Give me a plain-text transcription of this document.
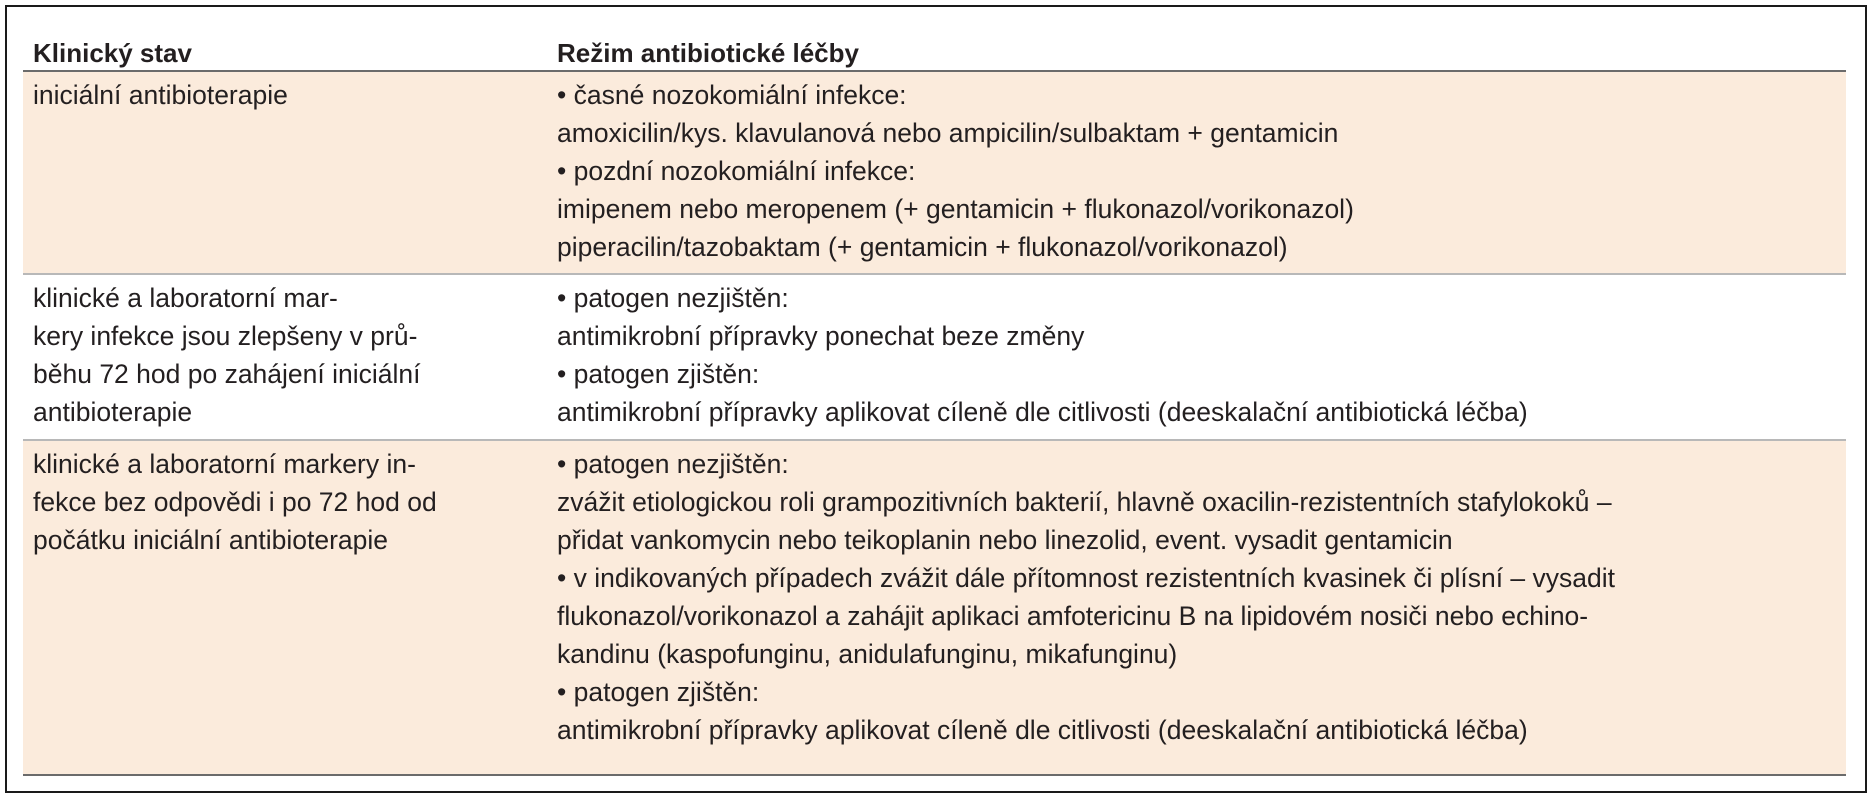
Klinický stav	Režim antibiotické léčby
iniciální antibioterapie
•	časné nozokomiální infekce:
amoxicilin/kys. klavulanová nebo ampicilin/sulbaktam + gentamicin
• pozdní nozokomiální infekce:
imipenem nebo meropenem (+ gentamicin + flukonazol/vorikonazol)
piperacilin/tazobaktam (+ gentamicin + flukonazol/vorikonazol)
klinické a laboratorní mar-
kery infekce jsou zlepšeny v prů-
běhu 72 hod po zahájení iniciální
antibioterapie
• patogen nezjištěn:
antimikrobní přípravky ponechat beze změny
• patogen zjištěn:
antimikrobní přípravky aplikovat cíleně dle citlivosti (deeskalační antibiotická léčba)
klinické a laboratorní markery in-
fekce bez odpovědi i po 72 hod od
počátku iniciální antibioterapie
• patogen nezjištěn:
zvážit etiologickou roli grampozitivních bakterií, hlavně oxacilin-rezistentních stafylokoků –
přidat vankomycin nebo teikoplanin nebo linezolid, event. vysadit gentamicin
• v indikovaných případech zvážit dále přítomnost rezistentních kvasinek či plísní – vysadit
flukonazol/vorikonazol a zahájit aplikaci amfotericinu B na lipidovém nosiči nebo echino-
kandinu (kaspofunginu, anidulafunginu, mikafunginu)
• patogen zjištěn:
antimikrobní přípravky aplikovat cíleně dle citlivosti (deeskalační antibiotická léčba)
